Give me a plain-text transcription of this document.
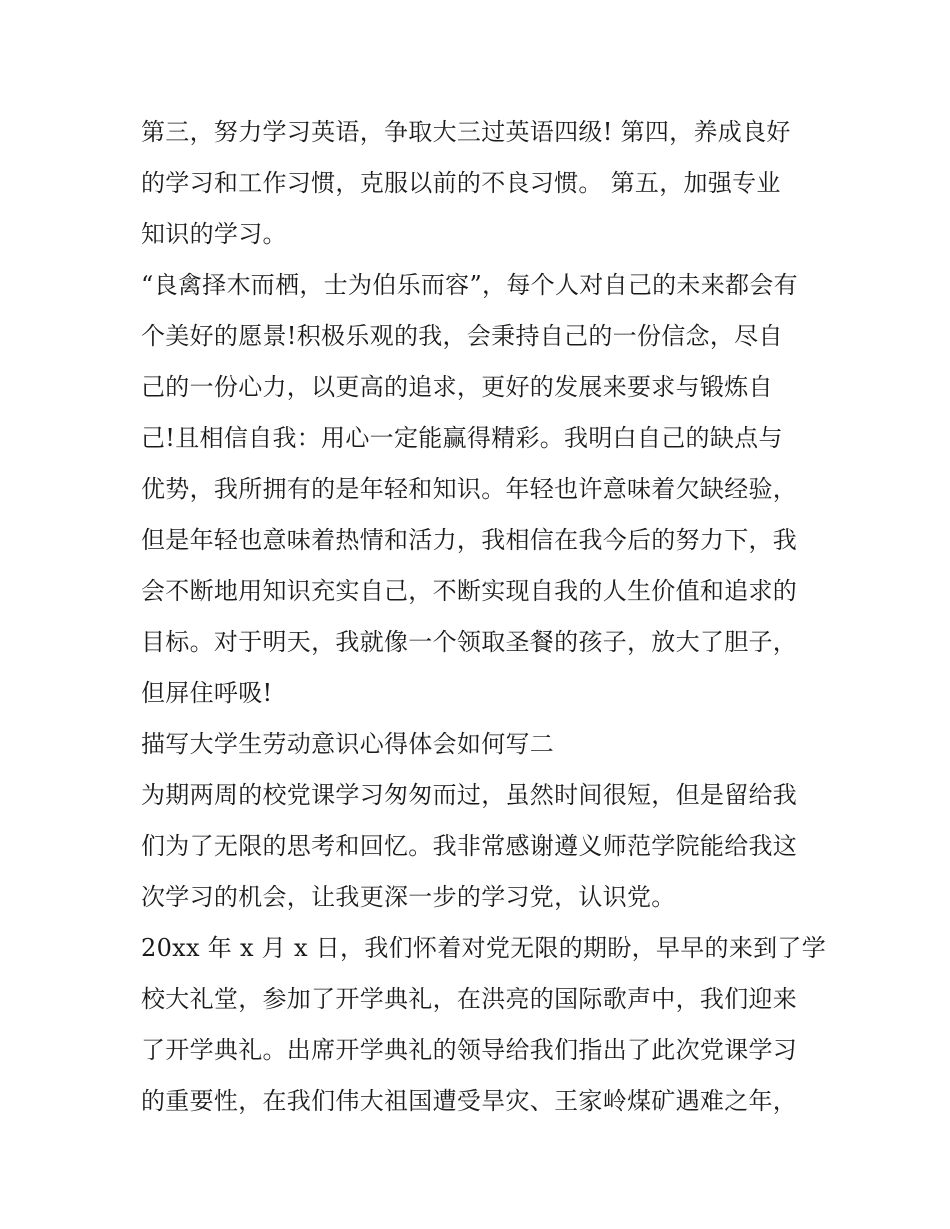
第三，努力学习英语，争取大三过英语四级! 第四，养成良好
的学习和工作习惯，克服以前的不良习惯。 第五，加强专业
知识的学习。
“良禽择木而栖，士为伯乐而容”，每个人对自己的未来都会有
个美好的愿景!积极乐观的我，会秉持自己的一份信念，尽自
己的一份心力，以更高的追求，更好的发展来要求与锻炼自
己!且相信自我：用心一定能赢得精彩。我明白自己的缺点与
优势，我所拥有的是年轻和知识。年轻也许意味着欠缺经验，
但是年轻也意味着热情和活力，我相信在我今后的努力下，我
会不断地用知识充实自己，不断实现自我的人生价值和追求的
目标。对于明天，我就像一个领取圣餐的孩子，放大了胆子，
但屏住呼吸!
描写大学生劳动意识心得体会如何写二
为期两周的校党课学习匆匆而过，虽然时间很短，但是留给我
们为了无限的思考和回忆。我非常感谢遵义师范学院能给我这
次学习的机会，让我更深一步的学习党，认识党。
20xx 年 x 月 x 日，我们怀着对党无限的期盼，早早的来到了学
校大礼堂，参加了开学典礼，在洪亮的国际歌声中，我们迎来
了开学典礼。出席开学典礼的领导给我们指出了此次党课学习
的重要性，在我们伟大祖国遭受旱灾、王家岭煤矿遇难之年，
